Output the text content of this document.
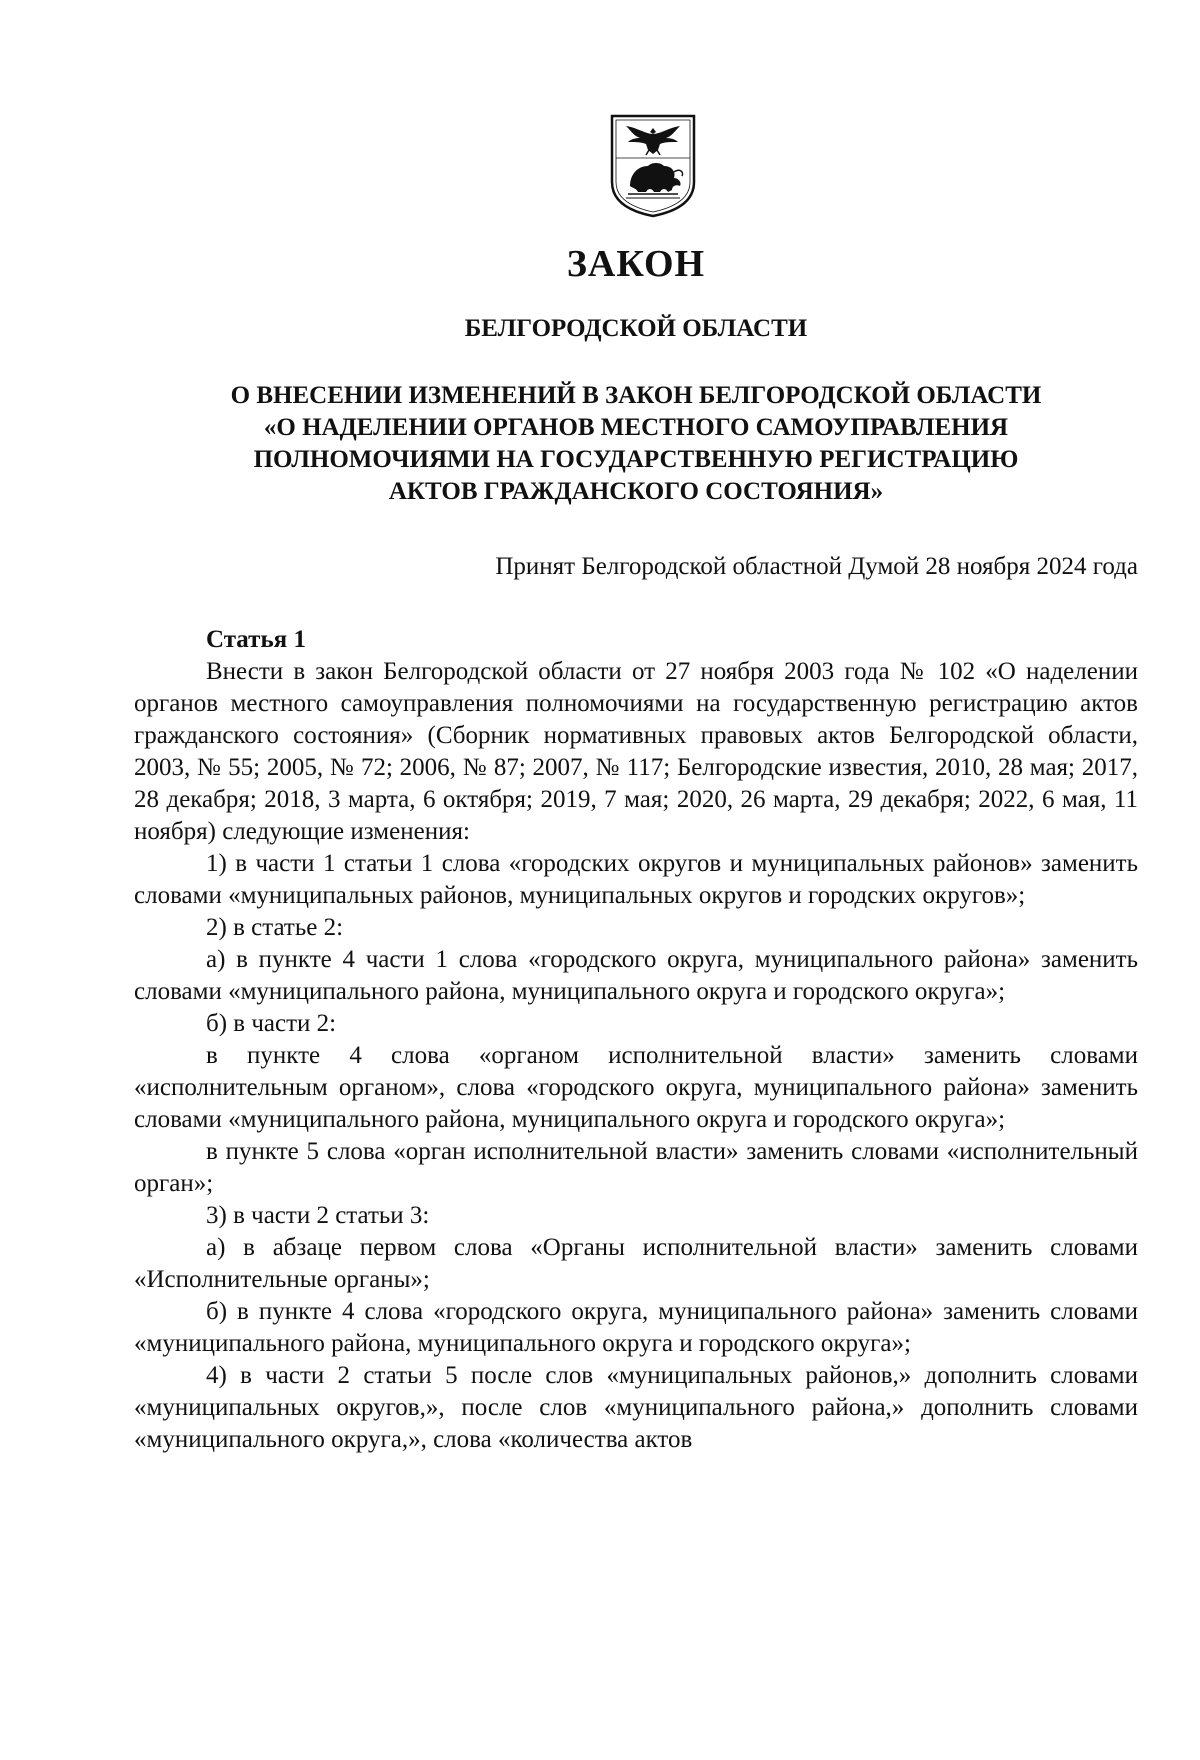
ЗАКОН
БЕЛГОРОДСКОЙ ОБЛАСТИ
О ВНЕСЕНИИ ИЗМЕНЕНИЙ В ЗАКОН БЕЛГОРОДСКОЙ ОБЛАСТИ
«О НАДЕЛЕНИИ ОРГАНОВ МЕСТНОГО САМОУПРАВЛЕНИЯ
ПОЛНОМОЧИЯМИ НА ГОСУДАРСТВЕННУЮ РЕГИСТРАЦИЮ
АКТОВ ГРАЖДАНСКОГО СОСТОЯНИЯ»
Принят Белгородской областной Думой 28 ноября 2024 года
Статья 1

Внести в закон Белгородской области от 27 ноября 2003 года № 102 «О наделении органов местного самоуправления полномочиями на государственную регистрацию актов гражданского состояния» (Сборник нормативных правовых актов Белгородской области, 2003, № 55; 2005, № 72; 2006, № 87; 2007, № 117; Белгородские известия, 2010, 28 мая; 2017, 28 декабря; 2018, 3 марта, 6 октября; 2019, 7 мая; 2020, 26 марта, 29 декабря; 2022, 6 мая, 11 ноября) следующие изменения:

1) в части 1 статьи 1 слова «городских округов и муниципальных районов» заменить словами «муниципальных районов, муниципальных округов и городских округов»;

2) в статье 2:

а) в пункте 4 части 1 слова «городского округа, муниципального района» заменить словами «муниципального района, муниципального округа и городского округа»;

б) в части 2:

в пункте 4 слова «органом исполнительной власти» заменить словами «исполнительным органом», слова «городского округа, муниципального района» заменить словами «муниципального района, муниципального округа и городского округа»;

в пункте 5 слова «орган исполнительной власти» заменить словами «исполнительный орган»;

3) в части 2 статьи 3:

а) в абзаце первом слова «Органы исполнительной власти» заменить словами «Исполнительные органы»;

б) в пункте 4 слова «городского округа, муниципального района» заменить словами «муниципального района, муниципального округа и городского округа»;

4) в части 2 статьи 5 после слов «муниципальных районов,» дополнить словами «муниципальных округов,», после слов «муниципального района,» дополнить словами «муниципального округа,», слова «количества актов
